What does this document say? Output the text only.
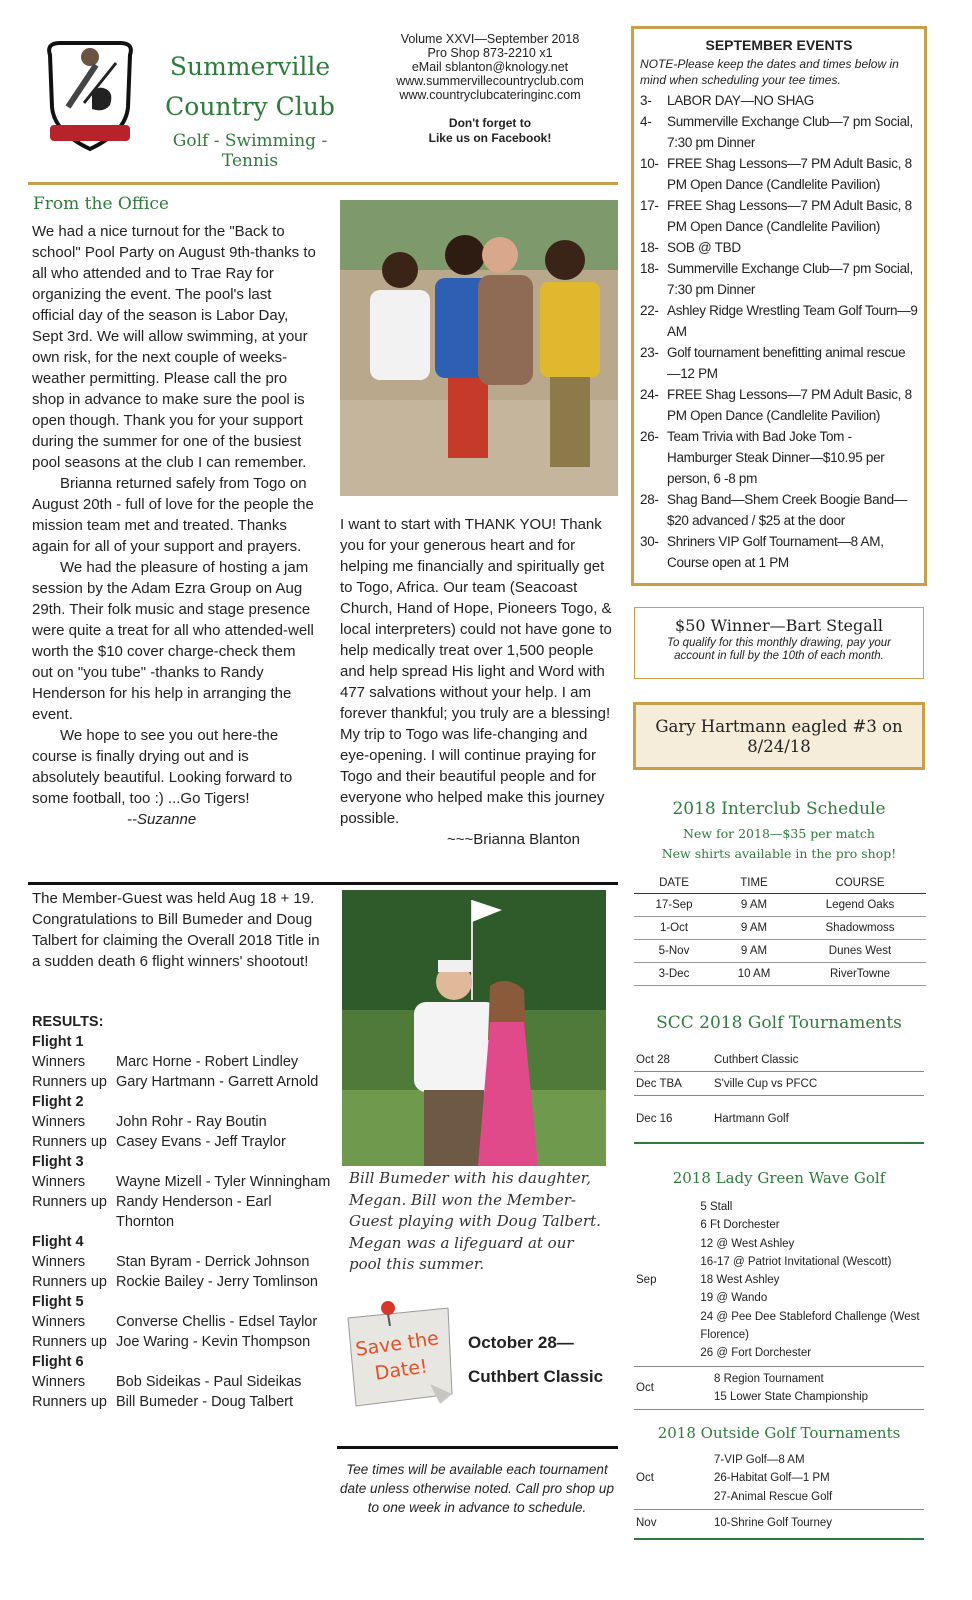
Summerville
Country Club
Golf - Swimming - Tennis
Volume XXVI—September 2018
Pro Shop 873-2210 x1
eMail sblanton@knology.net
www.summervillecountryclub.com
www.countryclubcateringinc.com
Don't forget to
Like us on Facebook!
From the Office

We had a nice turnout for the "Back to school" Pool Party on August 9th-thanks to all who attended and to Trae Ray for organizing the event. The pool's last official day of the season is Labor Day, Sept 3rd. We will allow swimming, at your own risk, for the next couple of weeks-weather permitting. Please call the pro shop in advance to make sure the pool is open though. Thank you for your support during the summer for one of the busiest pool seasons at the club I can remember.

Brianna returned safely from Togo on August 20th - full of love for the people the mission team met and treated. Thanks again for all of your support and prayers.

We had the pleasure of hosting a jam session by the Adam Ezra Group on Aug 29th. Their folk music and stage presence were quite a treat for all who attended-well worth the $10 cover charge-check them out on "you tube" -thanks to Randy Henderson for his help in arranging the event.

We hope to see you out here-the course is finally drying out and is absolutely beautiful. Looking forward to some football, too :) ...Go Tigers!

--Suzanne

I want to start with THANK YOU! Thank you for your generous heart and for helping me financially and spiritually get to Togo, Africa. Our team (Seacoast Church, Hand of Hope, Pioneers Togo, & local interpreters) could not have gone to help medically treat over 1,500 people and help spread His light and Word with 477 salvations without your help. I am forever thankful; you truly are a blessing! My trip to Togo was life-changing and eye-opening. I will continue praying for Togo and their beautiful people and for everyone who helped make this journey possible.

~~~Brianna Blanton

The Member-Guest was held Aug 18 + 19. Congratulations to Bill Bumeder and Doug Talbert for claiming the Overall 2018 Title in a sudden death 6 flight winners' shootout!
RESULTS:
Flight 1
Winners	Marc Horne - Robert Lindley
Runners up Gary Hartmann - Garrett Arnold
Flight 2
Winners	John Rohr - Ray Boutin
Runners up Casey Evans - Jeff Traylor
Flight 3
Winners	Wayne Mizell - Tyler Winningham
Runners up Randy Henderson - Earl Thornton
Flight 4
Winners	Stan Byram - Derrick Johnson
Runners up Rockie Bailey - Jerry Tomlinson
Flight 5
Winners	Converse Chellis - Edsel Taylor
Runners up Joe Waring - Kevin Thompson
Flight 6
Winners	Bob Sideikas - Paul Sideikas
Runners up Bill Bumeder - Doug Talbert
Bill Bumeder with his daughter, Megan. Bill won the Member-Guest playing with Doug Talbert. Megan was a lifeguard at our pool this summer.
Save the
Date!
October 28—
Cuthbert Classic
Tee times will be available each tournament date unless otherwise noted. Call pro shop up to one week in advance to schedule.
SEPTEMBER EVENTS
NOTE-Please keep the dates and times below in mind when scheduling your tee times.
3-	LABOR DAY—NO SHAG
4-	Summerville Exchange Club—7 pm Social, 7:30 pm Dinner
10- FREE Shag Lessons—7 PM Adult Basic, 8 PM Open Dance (Candlelite Pavilion)
17- FREE Shag Lessons—7 PM Adult Basic, 8 PM Open Dance (Candlelite Pavilion)
18- SOB @ TBD
18- Summerville Exchange Club—7 pm Social, 7:30 pm Dinner
22- Ashley Ridge Wrestling Team Golf Tourn—9 AM
23- Golf tournament benefitting animal rescue—12 PM
24- FREE Shag Lessons—7 PM Adult Basic, 8 PM Open Dance (Candlelite Pavilion)
26- Team Trivia with Bad Joke Tom - Hamburger Steak Dinner—$10.95 per person, 6 -8 pm
28- Shag Band—Shem Creek Boogie Band—$20 advanced / $25 at the door
30- Shriners VIP Golf Tournament—8 AM, Course open at 1 PM
$50 Winner—Bart Stegall
To qualify for this monthly drawing, pay your account in full by the 10th of each month.
Gary Hartmann eagled #3 on
8/24/18
2018 Interclub Schedule
New for 2018—$35 per match
New shirts available in the pro shop!
DATE	TIME	COURSE
17-Sep	9 AM	Legend Oaks
1-Oct	9 AM	Shadowmoss
5-Nov	9 AM	Dunes West
3-Dec	10 AM	RiverTowne
SCC 2018 Golf Tournaments
Oct 28	Cuthbert Classic
Dec TBA	S'ville Cup vs PFCC
Dec 16	Hartmann Golf
2018 Lady Green Wave Golf
Sep
5 Stall
6 Ft Dorchester
12 @ West Ashley
16-17 @ Patriot Invitational (Wescott)
18 West Ashley
19 @ Wando
24 @ Pee Dee Stableford Challenge (West Florence)
26 @ Fort Dorchester
Oct
8 Region Tournament
15 Lower State Championship
2018 Outside Golf Tournaments
Oct
7-VIP Golf—8 AM
26-Habitat Golf—1 PM
27-Animal Rescue Golf
Nov	10-Shrine Golf Tourney
